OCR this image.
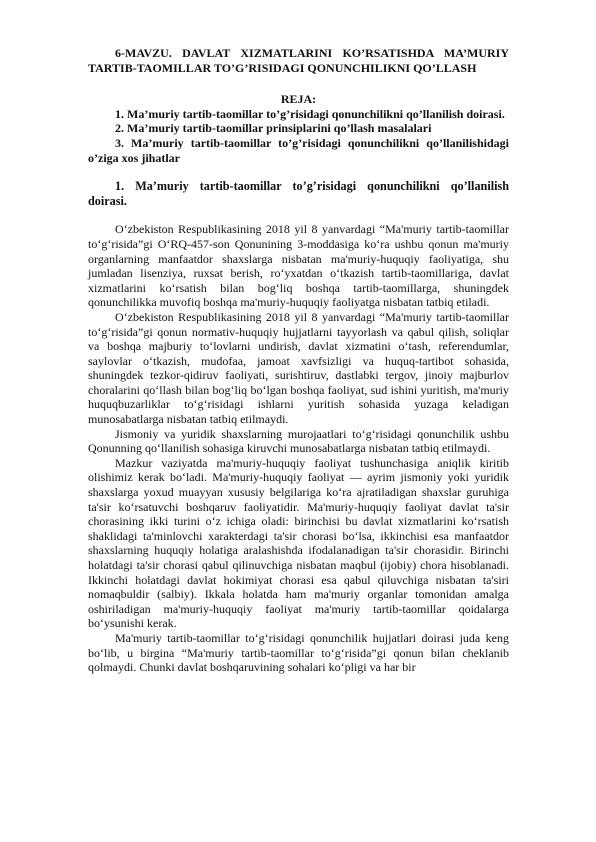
6-MAVZU. DAVLAT XIZMATLARINI KO’RSATISHDA MA’MURIY TARTIB-TAOMILLAR TO’G’RISIDAGI QONUNCHILIKNI QO’LLASH

REJA:

1. Ma’muriy tartib-taomillar to’g’risidagi qonunchilikni qo’llanilish doirasi.

2. Ma’muriy tartib-taomillar prinsiplarini qo’llash masalalari

3. Ma’muriy tartib-taomillar to’g’risidagi qonunchilikni qo’llanilishidagi o’ziga xos jihatlar

1. Ma’muriy tartib-taomillar to’g’risidagi qonunchilikni qo’llanilish doirasi.

O‘zbekiston Respublikasining 2018 yil 8 yanvardagi “Ma'muriy tartib-taomillar to‘g‘risida”gi O‘RQ-457-son Qonunining 3-moddasiga ko‘ra ushbu qonun ma'muriy organlarning manfaatdor shaxslarga nisbatan ma'muriy-huquqiy faoliyatiga, shu jumladan lisenziya, ruxsat berish, ro‘yxatdan o‘tkazish tartib-taomillariga, davlat xizmatlarini ko‘rsatish bilan bog‘liq boshqa tartib-taomillarga, shuningdek qonunchilikka muvofiq boshqa ma'muriy-huquqiy faoliyatga nisbatan tatbiq etiladi.

O‘zbekiston Respublikasining 2018 yil 8 yanvardagi “Ma'muriy tartib-taomillar to‘g‘risida”gi qonun normativ-huquqiy hujjatlarni tayyorlash va qabul qilish, soliqlar va boshqa majburiy to‘lovlarni undirish, davlat xizmatini o‘tash, referendumlar, saylovlar o‘tkazish, mudofaa, jamoat xavfsizligi va huquq-tartibot sohasida, shuningdek tezkor-qidiruv faoliyati, surishtiruv, dastlabki tergov, jinoiy majburlov choralarini qo‘llash bilan bog‘liq bo‘lgan boshqa faoliyat, sud ishini yuritish, ma'muriy huquqbuzarliklar to‘g‘risidagi ishlarni yuritish sohasida yuzaga keladigan munosabatlarga nisbatan tatbiq etilmaydi.

Jismoniy va yuridik shaxslarning murojaatlari to‘g‘risidagi qonunchilik ushbu Qonunning qo‘llanilish sohasiga kiruvchi munosabatlarga nisbatan tatbiq etilmaydi.

Mazkur vaziyatda ma'muriy-huquqiy faoliyat tushunchasiga aniqlik kiritib olishimiz kerak bo‘ladi. Ma'muriy-huquqiy faoliyat — ayrim jismoniy yoki yuridik shaxslarga yoxud muayyan xususiy belgilariga ko‘ra ajratiladigan shaxslar guruhiga ta'sir ko‘rsatuvchi boshqaruv faoliyatidir. Ma'muriy-huquqiy faoliyat davlat ta'sir chorasining ikki turini o‘z ichiga oladi: birinchisi bu davlat xizmatlarini ko‘rsatish shaklidagi ta'minlovchi xarakterdagi ta'sir chorasi bo‘lsa, ikkinchisi esa manfaatdor shaxslarning huquqiy holatiga aralashishda ifodalanadigan ta'sir chorasidir. Birinchi holatdagi ta'sir chorasi qabul qilinuvchiga nisbatan maqbul (ijobiy) chora hisoblanadi. Ikkinchi holatdagi davlat hokimiyat chorasi esa qabul qiluvchiga nisbatan ta'siri nomaqbuldir (salbiy). Ikkala holatda ham ma'muriy organlar tomonidan amalga oshiriladigan ma'muriy-huquqiy faoliyat ma'muriy tartib-taomillar qoidalarga bo‘ysunishi kerak.

Ma'muriy tartib-taomillar to‘g‘risidagi qonunchilik hujjatlari doirasi juda keng bo‘lib, u birgina “Ma'muriy tartib-taomillar to‘g‘risida”gi qonun bilan cheklanib qolmaydi. Chunki davlat boshqaruvining sohalari ko‘pligi va har bir
